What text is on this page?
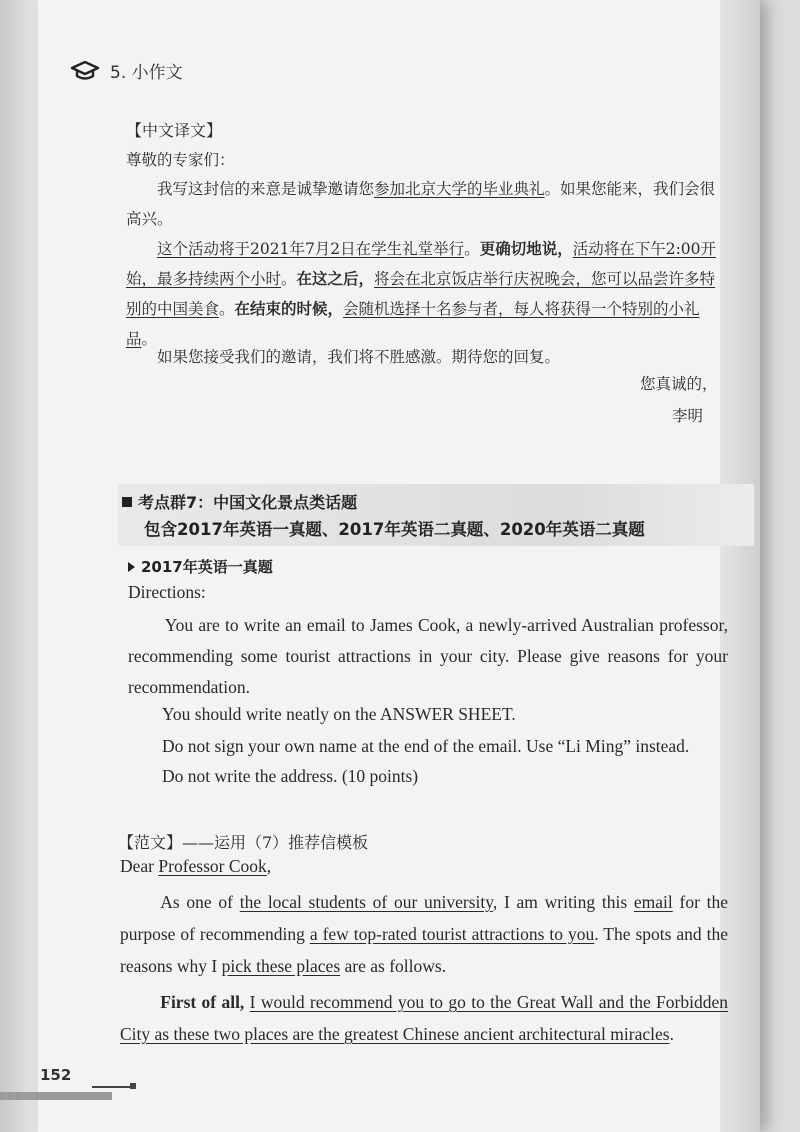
5. 小作文
【中文译文】
尊敬的专家们：
我写这封信的来意是诚挚邀请您参加北京大学的毕业典礼。如果您能来，我们会很高兴。
这个活动将于2021年7月2日在学生礼堂举行。更确切地说，活动将在下午2:00开始，最多持续两个小时。在这之后，将会在北京饭店举行庆祝晚会，您可以品尝许多特别的中国美食。在结束的时候，会随机选择十名参与者，每人将获得一个特别的小礼品。
如果您接受我们的邀请，我们将不胜感激。期待您的回复。
您真诚的，
李明
考点群7：中国文化景点类话题
包含2017年英语一真题、2017年英语二真题、2020年英语二真题
2017年英语一真题
Directions:
You are to write an email to James Cook, a newly-arrived Australian professor, recommending some tourist attractions in your city. Please give reasons for your recommendation.
You should write neatly on the ANSWER SHEET.
Do not sign your own name at the end of the email. Use “Li Ming” instead.
Do not write the address. (10 points)
【范文】——运用（7）推荐信模板
Dear Professor Cook,
As one of the local students of our university, I am writing this email for the purpose of recommending a few top-rated tourist attractions to you. The spots and the reasons why I pick these places are as follows.
First of all, I would recommend you to go to the Great Wall and the Forbidden City as these two places are the greatest Chinese ancient architectural miracles.
152
